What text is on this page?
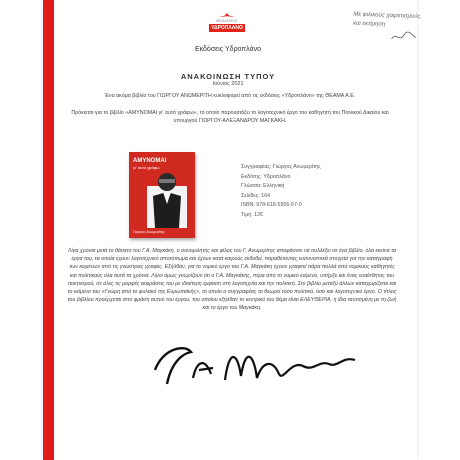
ΕΚΔΟΣΕΙΣ
ΥΔΡΟΠΛΑΝΟ
Εκδόσεις Υδροπλάνο
Με φιλικούς χαιρετισμούς
και εκτίμηση
ΑΝΑΚΟΙΝΩΣΗ ΤΥΠΟΥ
Ιούνιος 2021
Ένα ακόμα βιβλίο του ΓΙΩΡΓΟΥ ΑΝΩΜΕΡΙΤΗ κυκλοφορεί από τις εκδόσεις «Υδροπλάνο» της ΘΕΑΜΑ Α.Ε.
Πρόκειται για το βιβλίο «ΑΜΥΝΟΜΑΙ γι' αυτό γράφω», το οποίο παρουσιάζει το λογοτεχνικό έργο του καθηγητή του Ποινικού Δικαίου και υπουργού ΓΙΩΡΓΟΥ-ΑΛΕΞΑΝΔΡΟΥ ΜΑΓΚΑΚΗ.
ΑΜΥΝΟΜΑΙ
γι' αυτό γράφω
Γιώργος Ανωμερίτης
Συγγραφέας: Γιώργος Ανωμερίτης
Εκδότης: Υδροπλάνο
Γλώσσα: Ελληνική
Σελίδες: 164
ISBN: 978-618-5556-57-0
Τιμή: 12€
Λίγα χρόνια μετά το θάνατο του Γ.Α. Μαγκάκη, ο συνομιλητής και φίλος του Γ. Ανωμερίτης αποφάσισε να συλλέξει σε ένα βιβλίο, όλα εκείνα τα έργα του, τα οποία έχουν λογοτεχνικό αποτύπωμα και έχουν κατά καιρούς εκδοθεί, παραθέτοντας ευσυνοπτικά στοιχεία για την καταγραφή των κειμένων από τις γνώστριες γραφές. Εξήλθαν, για το νομικό έργο του Γ.Α. Μαγκάκη έχουν γραφτεί πάρα πολλά από νομικούς καθηγητές και πολιτικούς όλα αυτά τα χρόνια. Λίγοι όμως γνωρίζουν ότι ο Γ.Α. Μαγκάκης, πέρα από το νομικό κείμενο, υπήρξε και ένας ευαίσθητος του ποιητισμού, σε όλες τις μορφές εκφράσεις του με ιδιαίτερη έμφαση στη λογοτεχνία και την πολιτική. Στο βιβλίο μεταξύ άλλων καταχωρίζεται και το κείμενο του «Γνώμη από το φυλακό της Ευρωπαϊκής», το οποίο ο συγγραφέας το θεωρεί τόσο πολιτικό, όσο και λογοτεχνικό έργο. Ο τίτλος του βιβλίου προέρχεται από φράση αυτού του έργου, του οποίου εξήλθαν το κεντρικό του θέμα είναι ΕΛΕΥΘΕΡΙΑ, η ίδια ταυτισμένη με τη ζωή και το έργο του Μαγκάκη.
